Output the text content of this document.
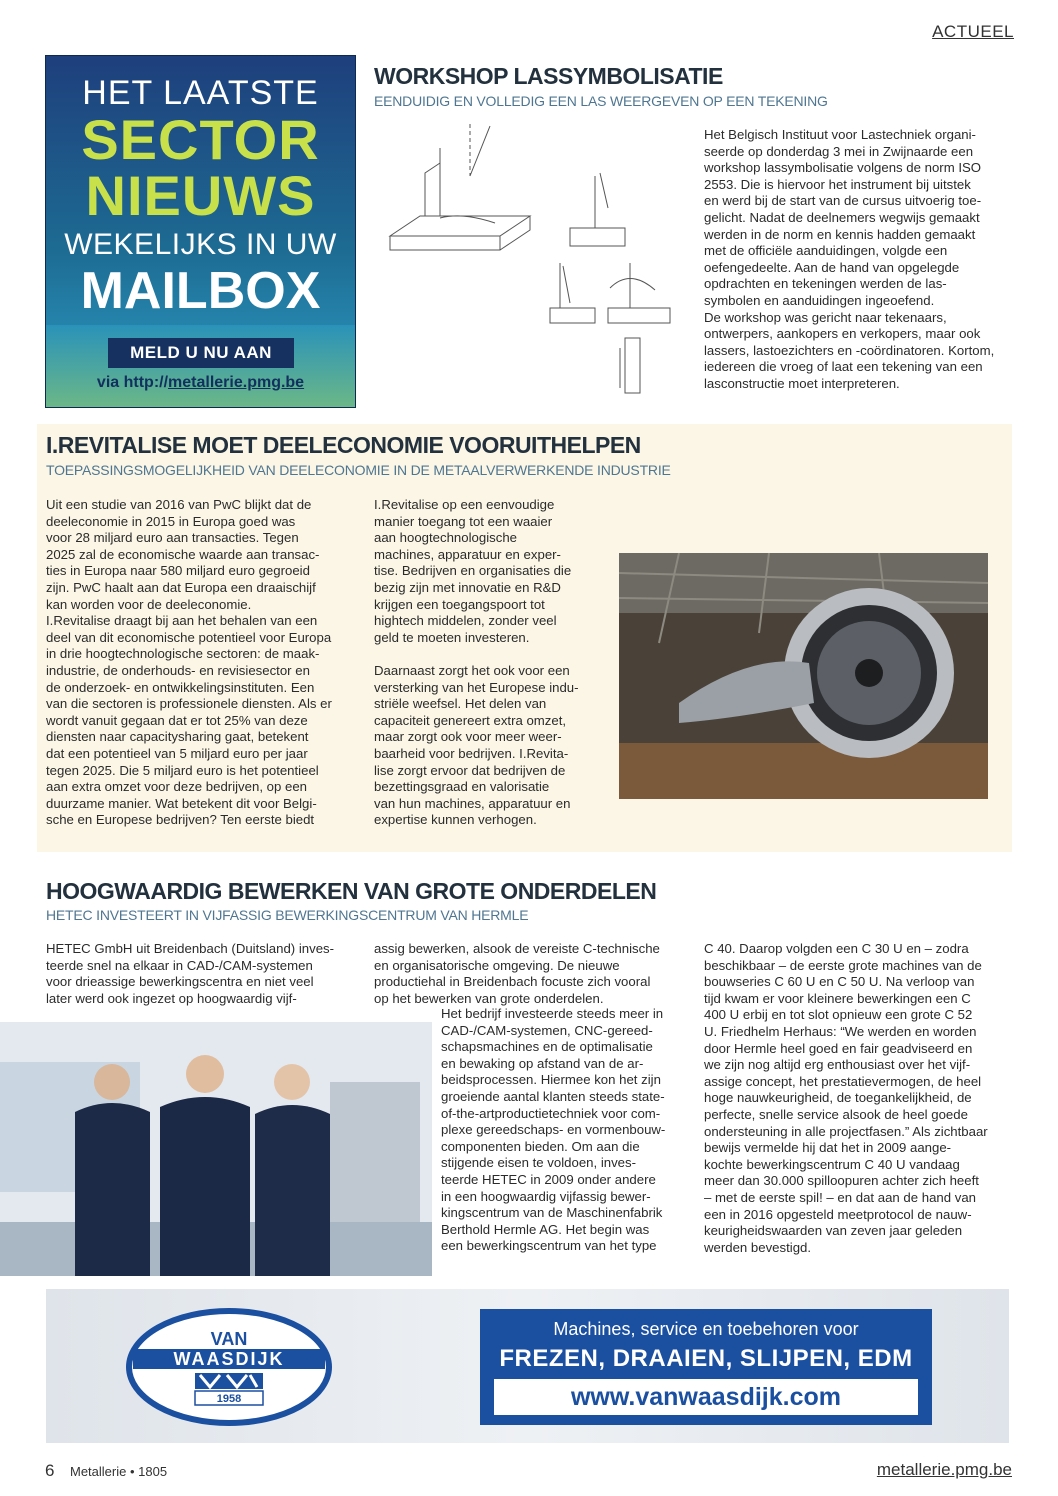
ACTUEEL
HET LAATSTE
SECTOR
NIEUWS
WEKELIJKS IN UW
MAILBOX
MELD U NU AAN
via http://metallerie.pmg.be
WORKSHOP LASSYMBOLISATIE
EENDUIDIG EN VOLLEDIG EEN LAS WEERGEVEN OP EEN TEKENING
Het Belgisch Instituut voor Lastechniek organi-
seerde op donderdag 3 mei in Zwijnaarde een
workshop lassymbolisatie volgens de norm ISO
2553. Die is hiervoor het instrument bij uitstek
en werd bij de start van de cursus uitvoerig toe-
gelicht. Nadat de deelnemers wegwijs gemaakt
werden in de norm en kennis hadden gemaakt
met de officiële aanduidingen, volgde een
oefengedeelte. Aan de hand van opgelegde
opdrachten en tekeningen werden de las-
symbolen en aanduidingen ingeoefend.
De workshop was gericht naar tekenaars,
ontwerpers, aankopers en verkopers, maar ook
lassers, lastoezichters en -coördinatoren. Kortom,
iedereen die vroeg of laat een tekening van een
lasconstructie moet interpreteren.
I.REVITALISE MOET DEELECONOMIE VOORUITHELPEN
TOEPASSINGSMOGELIJKHEID VAN DEELECONOMIE IN DE METAALVERWERKENDE INDUSTRIE
Uit een studie van 2016 van PwC blijkt dat de
deeleconomie in 2015 in Europa goed was
voor 28 miljard euro aan transacties. Tegen
2025 zal de economische waarde aan transac-
ties in Europa naar 580 miljard euro gegroeid
zijn. PwC haalt aan dat Europa een draaischijf
kan worden voor de deeleconomie.
I.Revitalise draagt bij aan het behalen van een
deel van dit economische potentieel voor Europa
in drie hoogtechnologische sectoren: de maak-
industrie, de onderhouds- en revisiesector en
de onderzoek- en ontwikkelingsinstituten. Een
van die sectoren is professionele diensten. Als er
wordt vanuit gegaan dat er tot 25% van deze
diensten naar capacitysharing gaat, betekent
dat een potentieel van 5 miljard euro per jaar
tegen 2025. Die 5 miljard euro is het potentieel
aan extra omzet voor deze bedrijven, op een
duurzame manier. Wat betekent dit voor Belgi-
sche en Europese bedrijven? Ten eerste biedt
I.Revitalise op een eenvoudige
manier toegang tot een waaier
aan hoogtechnologische
machines, apparatuur en exper-
tise. Bedrijven en organisaties die
bezig zijn met innovatie en R&D
krijgen een toegangspoort tot
hightech middelen, zonder veel
geld te moeten investeren.

Daarnaast zorgt het ook voor een
versterking van het Europese indu-
striële weefsel. Het delen van
capaciteit genereert extra omzet,
maar zorgt ook voor meer weer-
baarheid voor bedrijven. I.Revita-
lise zorgt ervoor dat bedrijven de
bezettingsgraad en valorisatie
van hun machines, apparatuur en
expertise kunnen verhogen.
HOOGWAARDIG BEWERKEN VAN GROTE ONDERDELEN
HETEC INVESTEERT IN VIJFASSIG BEWERKINGSCENTRUM VAN HERMLE
HETEC GmbH uit Breidenbach (Duitsland) inves-
teerde snel na elkaar in CAD-/CAM-systemen
voor drieassige bewerkingscentra en niet veel
later werd ook ingezet op hoogwaardig vijf-
assig bewerken, alsook de vereiste C-technische
en organisatorische omgeving. De nieuwe
productiehal in Breidenbach focuste zich vooral
op het bewerken van grote onderdelen.
Het bedrijf investeerde steeds meer in
CAD-/CAM-systemen, CNC-gereed-
schapsmachines en de optimalisatie
en bewaking op afstand van de ar-
beidsprocessen. Hiermee kon het zijn
groeiende aantal klanten steeds state-
of-the-artproductietechniek voor com-
plexe gereedschaps- en vormenbouw-
componenten bieden. Om aan die
stijgende eisen te voldoen, inves-
teerde HETEC in 2009 onder andere
in een hoogwaardig vijfassig bewer-
kingscentrum van de Maschinenfabrik
Berthold Hermle AG. Het begin was
een bewerkingscentrum van het type
C 40. Daarop volgden een C 30 U en – zodra
beschikbaar – de eerste grote machines van de
bouwseries C 60 U en C 50 U. Na verloop van
tijd kwam er voor kleinere bewerkingen een C
400 U erbij en tot slot opnieuw een grote C 52
U. Friedhelm Herhaus: “We werden en worden
door Hermle heel goed en fair geadviseerd en
we zijn nog altijd erg enthousiast over het vijf-
assige concept, het prestatievermogen, de heel
hoge nauwkeurigheid, de toegankelijkheid, de
perfecte, snelle service alsook de heel goede
ondersteuning in alle projectfasen.” Als zichtbaar
bewijs vermelde hij dat het in 2009 aange-
kochte bewerkingscentrum C 40 U vandaag
meer dan 30.000 spilloopuren achter zich heeft
– met de eerste spil! – en dat aan de hand van
een in 2016 opgesteld meetprotocol de nauw-
keurigheidswaarden van zeven jaar geleden
werden bevestigd.
VAN
WAASDIJK
1958
Machines, service en toebehoren voor
FREZEN, DRAAIEN, SLIJPEN, EDM
www.vanwaasdijk.com
6 Metallerie • 1805	metallerie.pmg.be
